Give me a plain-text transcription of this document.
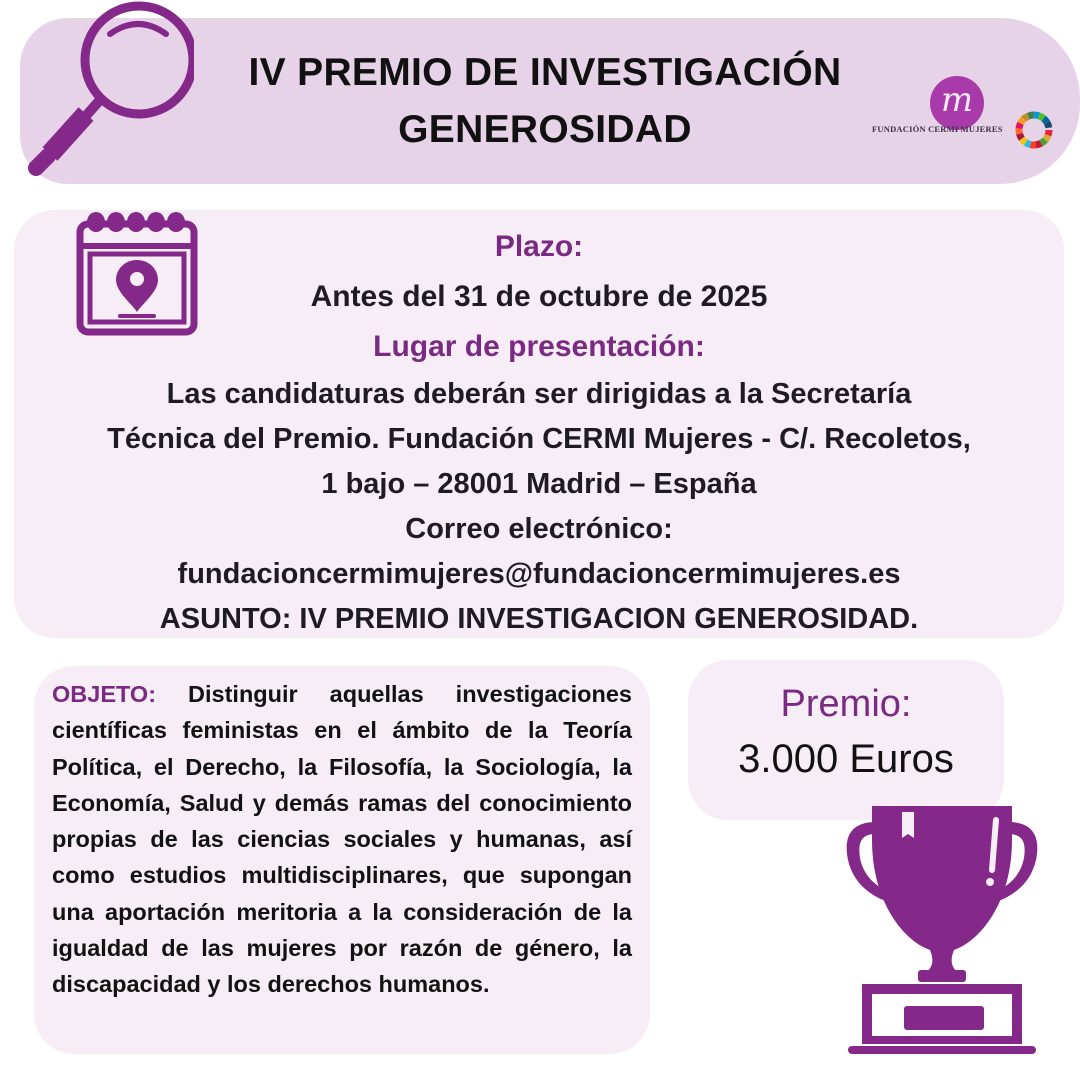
IV PREMIO DE INVESTIGACIÓN
GENEROSIDAD
m
FUNDACIÓN CERMI MUJERES
Plazo:
Antes del 31 de octubre de 2025
Lugar de presentación:
Las candidaturas deberán ser dirigidas a la Secretaría
Técnica del Premio. Fundación CERMI Mujeres - C/. Recoletos,
1 bajo – 28001 Madrid – España
Correo electrónico:
fundacioncermimujeres@fundacioncermimujeres.es
ASUNTO: IV PREMIO INVESTIGACION GENEROSIDAD.
OBJETO: Distinguir aquellas investigaciones científicas feministas en el ámbito de la Teoría Política, el Derecho, la Filosofía, la Sociología, la Economía, Salud y demás ramas del conocimiento propias de las ciencias sociales y humanas, así como estudios multidisciplinares, que supongan una aportación meritoria a la consideración de la igualdad de las mujeres por razón de género, la discapacidad y los derechos humanos.
Premio:
3.000 Euros
